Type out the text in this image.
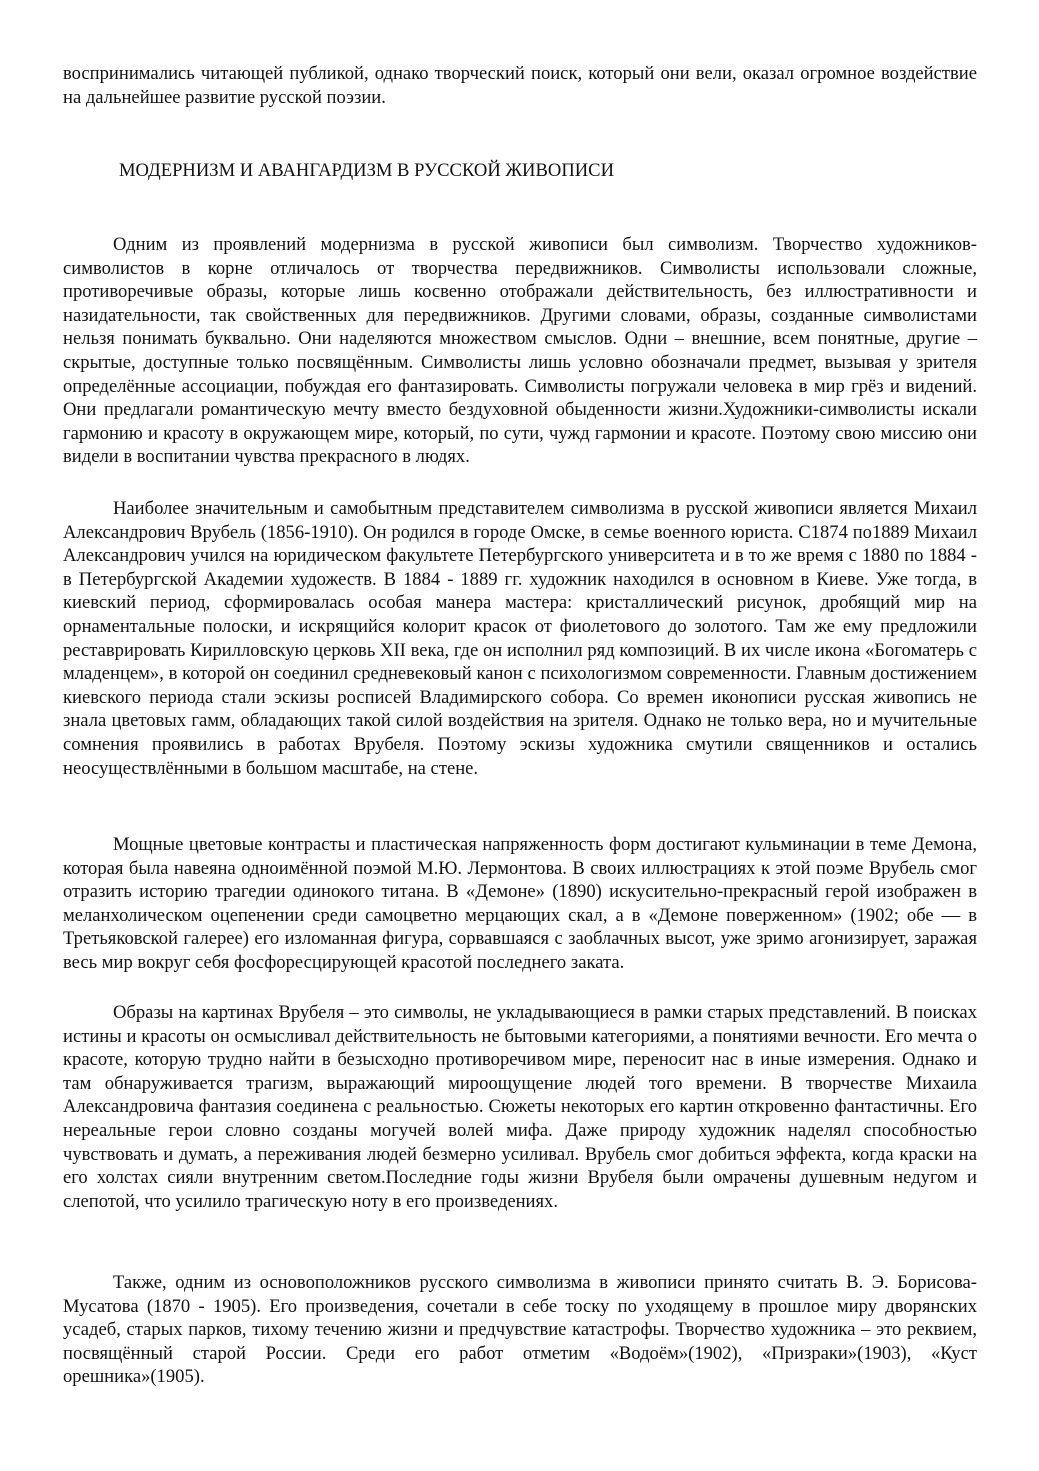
воспринимались читающей публикой, однако творческий поиск, который они вели, оказал огромное воздействие на дальнейшее развитие русской поэзии.

МОДЕРНИЗМ И АВАНГАРДИЗМ В РУССКОЙ ЖИВОПИСИ

Одним из проявлений модернизма в русской живописи был символизм. Творчество художников-символистов в корне отличалось от творчества передвижников. Символисты использовали сложные, противоречивые образы, которые лишь косвенно отображали действительность, без иллюстративности и назидательности, так свойственных для передвижников. Другими словами, образы, созданные символистами нельзя понимать буквально. Они наделяются множеством смыслов. Одни – внешние, всем понятные, другие – скрытые, доступные только посвящённым. Символисты лишь условно обозначали предмет, вызывая у зрителя определённые ассоциации, побуждая его фантазировать. Символисты погружали человека в мир грёз и видений. Они предлагали романтическую мечту вместо бездуховной обыденности жизни.Художники-символисты искали гармонию и красоту в окружающем мире, который, по сути, чужд гармонии и красоте. Поэтому свою миссию они видели в воспитании чувства прекрасного в людях.

Наиболее значительным и самобытным представителем символизма в русской живописи является Михаил Александрович Врубель (1856-1910). Он родился в городе Омске, в семье военного юриста. С1874 по1889 Михаил Александрович учился на юридическом факультете Петербургского университета и в то же время с 1880 по 1884 - в Петербургской Академии художеств. В 1884 - 1889 гг. художник находился в основном в Киеве. Уже тогда, в киевский период, сформировалась особая манера мастера: кристаллический рисунок, дробящий мир на орнаментальные полоски, и искрящийся колорит красок от фиолетового до золотого. Там же ему предложили реставрировать Кирилловскую церковь XII века, где он исполнил ряд композиций. В их числе икона «Богоматерь с младенцем», в которой он соединил средневековый канон с психологизмом современности. Главным достижением киевского периода стали эскизы росписей Владимирского собора. Со времен иконописи русская живопись не знала цветовых гамм, обладающих такой силой воздействия на зрителя. Однако не только вера, но и мучительные сомнения проявились в работах Врубеля. Поэтому эскизы художника смутили священников и остались неосуществлёнными в большом масштабе, на стене.

Мощные цветовые контрасты и пластическая напряженность форм достигают кульминации в теме Демона, которая была навеяна одноимённой поэмой М.Ю. Лермонтова. В своих иллюстрациях к этой поэме Врубель смог отразить историю трагедии одинокого титана. В «Демоне» (1890) искусительно-прекрасный герой изображен в меланхолическом оцепенении среди самоцветно мерцающих скал, а в «Демоне поверженном» (1902; обе — в Третьяковской галерее) его изломанная фигура, сорвавшаяся с заоблачных высот, уже зримо агонизирует, заражая весь мир вокруг себя фосфоресцирующей красотой последнего заката.

Образы на картинах Врубеля – это символы, не укладывающиеся в рамки старых представлений. В поисках истины и красоты он осмысливал действительность не бытовыми категориями, а понятиями вечности. Его мечта о красоте, которую трудно найти в безысходно противоречивом мире, переносит нас в иные измерения. Однако и там обнаруживается трагизм, выражающий мироощущение людей того времени. В творчестве Михаила Александровича фантазия соединена с реальностью. Сюжеты некоторых его картин откровенно фантастичны. Его нереальные герои словно созданы могучей волей мифа. Даже природу художник наделял способностью чувствовать и думать, а переживания людей безмерно усиливал. Врубель смог добиться эффекта, когда краски на его холстах сияли внутренним светом.Последние годы жизни Врубеля были омрачены душевным недугом и слепотой, что усилило трагическую ноту в его произведениях.

Также, одним из основоположников русского символизма в живописи принято считать В. Э. Борисова-Мусатова (1870 - 1905). Его произведения, сочетали в себе тоску по уходящему в прошлое миру дворянских усадеб, старых парков, тихому течению жизни и предчувствие катастрофы. Творчество художника – это реквием, посвящённый старой России. Среди его работ отметим «Водоём»(1902), «Призраки»(1903), «Куст орешника»(1905).
